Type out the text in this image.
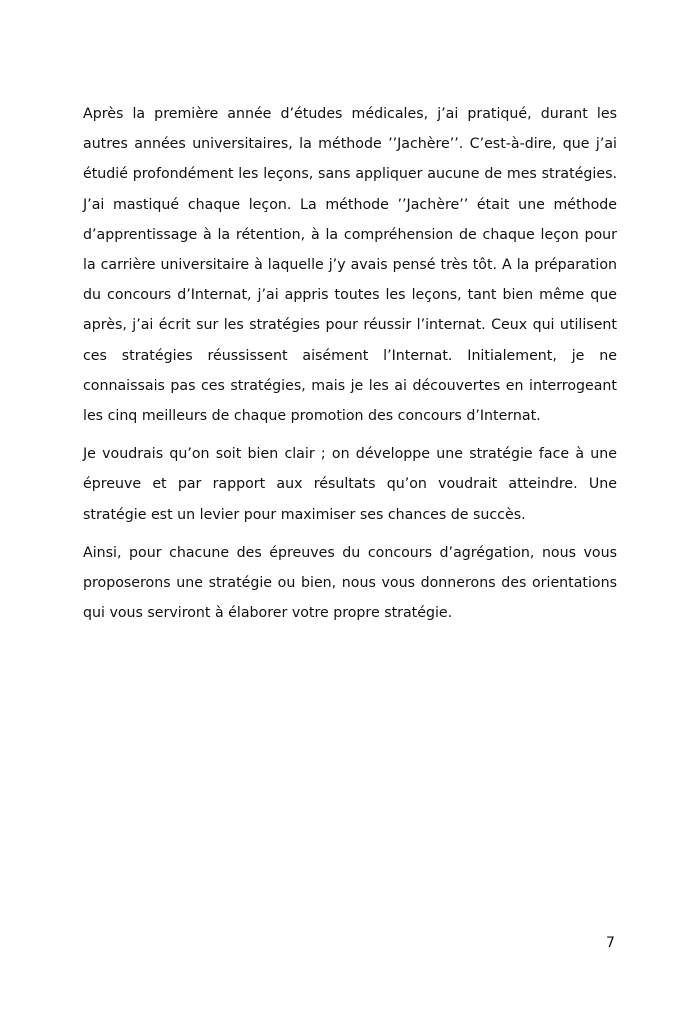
Après la première année d’études médicales, j’ai pratiqué, durant les autres années universitaires, la méthode ’’Jachère’’. C’est-à-dire, que j’ai étudié profondément les leçons, sans appliquer aucune de mes stratégies. J’ai mastiqué chaque leçon. La méthode ’’Jachère’’ était une méthode d’apprentissage à la rétention, à la compréhension de chaque leçon pour la carrière universitaire à laquelle j’y avais pensé très tôt. A la préparation du concours d’Internat, j’ai appris toutes les leçons, tant bien même que après, j’ai écrit sur les stratégies pour réussir l’internat. Ceux qui utilisent ces stratégies réussissent aisément l’Internat. Initialement, je ne connaissais pas ces stratégies, mais je les ai découvertes en interrogeant les cinq meilleurs de chaque promotion des concours d’Internat.

Je voudrais qu’on soit bien clair ; on développe une stratégie face à une épreuve et par rapport aux résultats qu’on voudrait atteindre. Une stratégie est un levier pour maximiser ses chances de succès.

Ainsi, pour chacune des épreuves du concours d’agrégation, nous vous proposerons une stratégie ou bien, nous vous donnerons des orientations qui vous serviront à élaborer votre propre stratégie.

7
